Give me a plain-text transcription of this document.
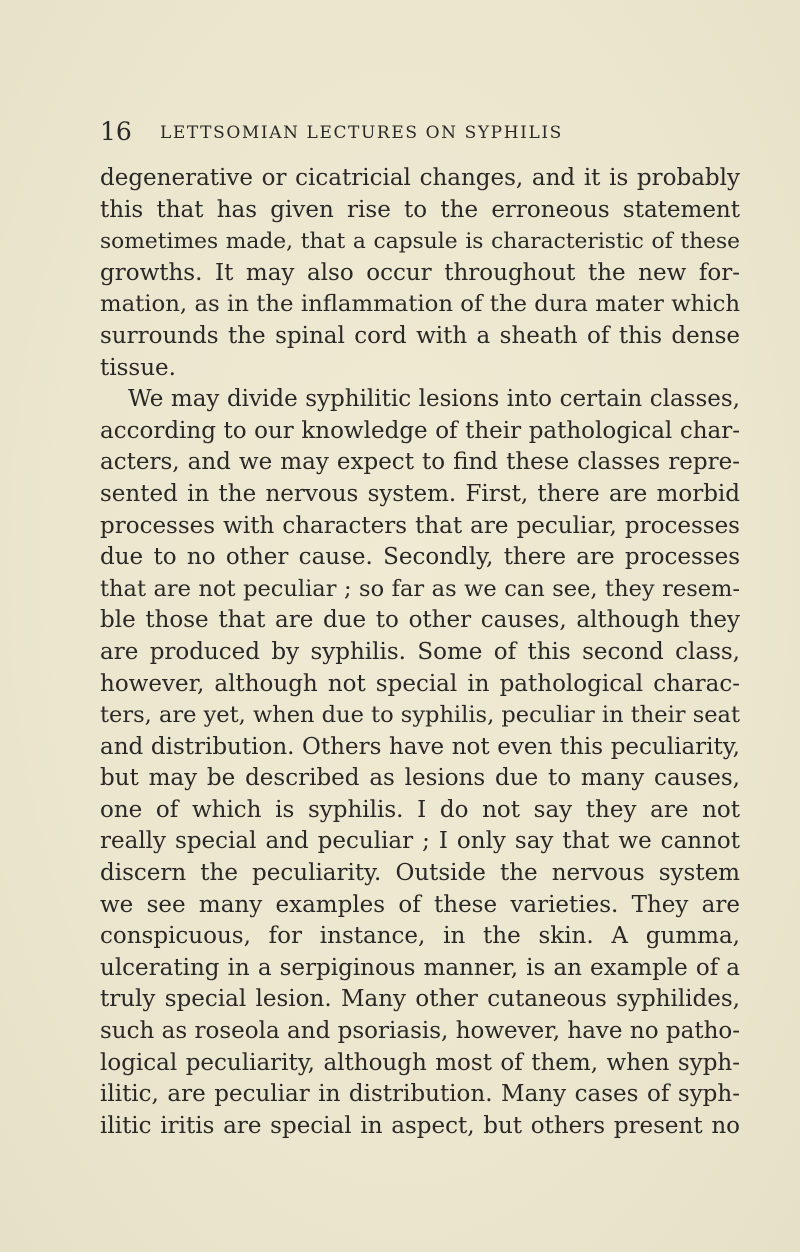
16 LETTSOMIAN LECTURES ON SYPHILIS
degenerative or cicatricial changes, and it is probably
this that has given rise to the erroneous statement
sometimes made, that a capsule is characteristic of these
growths. It may also occur throughout the new for-
mation, as in the inflammation of the dura mater which
surrounds the spinal cord with a sheath of this dense
tissue.
We may divide syphilitic lesions into certain classes,
according to our knowledge of their pathological char-
acters, and we may expect to find these classes repre-
sented in the nervous system. First, there are morbid
processes with characters that are peculiar, processes
due to no other cause. Secondly, there are processes
that are not peculiar ; so far as we can see, they resem-
ble those that are due to other causes, although they
are produced by syphilis. Some of this second class,
however, although not special in pathological charac-
ters, are yet, when due to syphilis, peculiar in their seat
and distribution. Others have not even this peculiarity,
but may be described as lesions due to many causes,
one of which is syphilis. I do not say they are not
really special and peculiar ; I only say that we cannot
discern the peculiarity. Outside the nervous system
we see many examples of these varieties. They are
conspicuous, for instance, in the skin. A gumma,
ulcerating in a serpiginous manner, is an example of a
truly special lesion. Many other cutaneous syphilides,
such as roseola and psoriasis, however, have no patho-
logical peculiarity, although most of them, when syph-
ilitic, are peculiar in distribution. Many cases of syph-
ilitic iritis are special in aspect, but others present no
